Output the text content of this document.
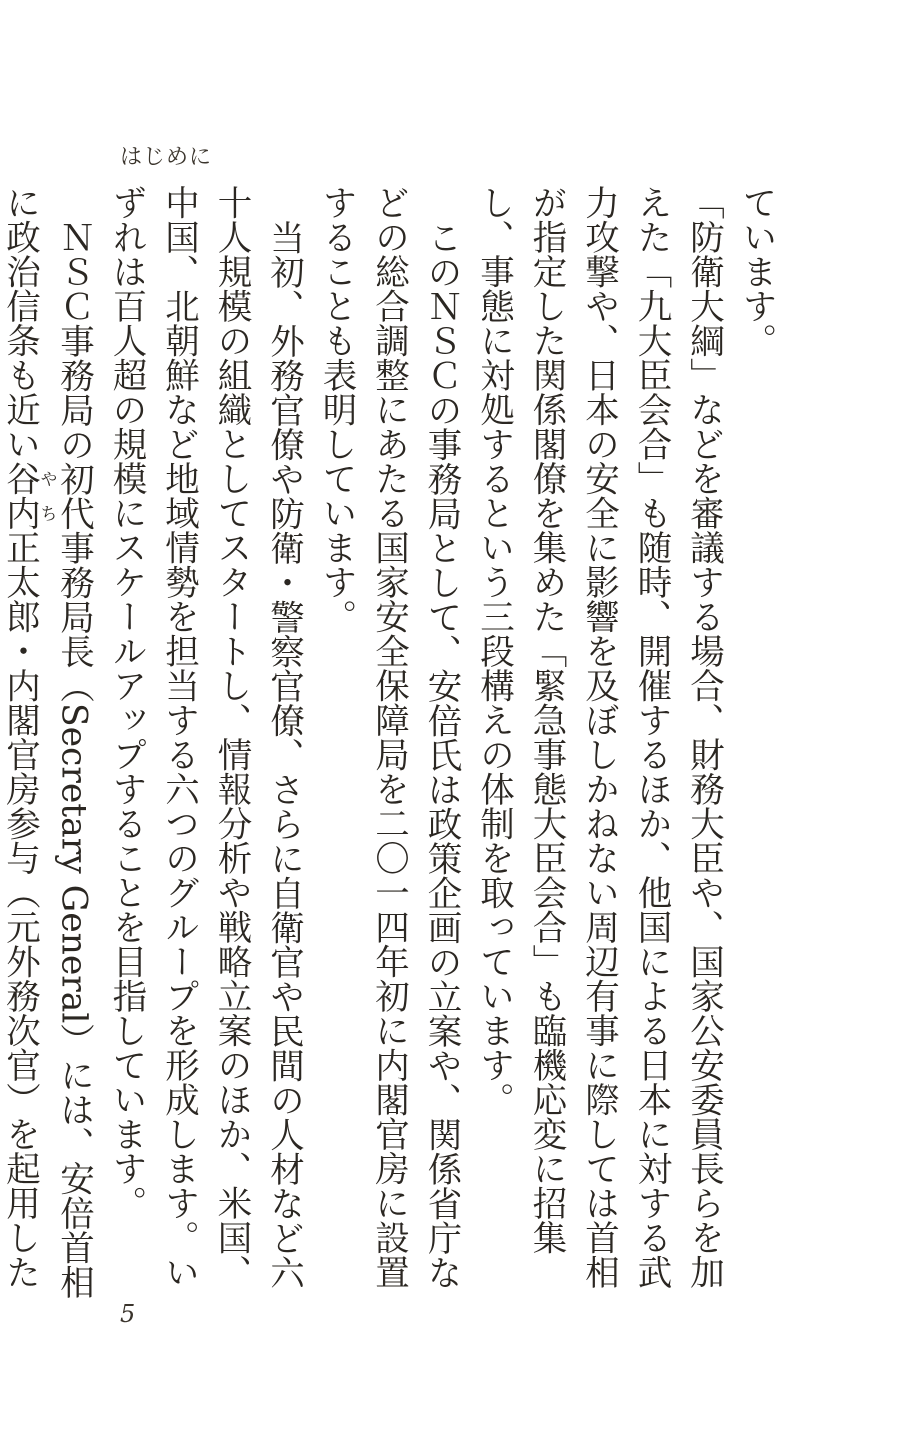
はじめに

ています。

「防衛大綱」などを審議する場合、財務大臣や、国家公安委員長らを加えた「九大臣会合」も随時、開催するほか、他国による日本に対する武力攻撃や、日本の安全に影響を及ぼしかねない周辺有事に際しては首相が指定した関係閣僚を集めた「緊急事態大臣会合」も臨機応変に招集し、事態に対処するという三段構えの体制を取っています。

このＮＳＣの事務局として、安倍氏は政策企画の立案や、関係省庁などの総合調整にあたる国家安全保障局を二〇一四年初に内閣官房に設置することも表明しています。

当初、外務官僚や防衛・警察官僚、さらに自衛官や民間の人材など六十人規模の組織としてスタートし、情報分析や戦略立案のほか、米国、中国、北朝鮮など地域情勢を担当する六つのグループを形成します。いずれは百人超の規模にスケールアップすることを目指しています。

ＮＳＣ事務局の初代事務局長（Secretary General）には、安倍首相に政治信条も近い谷内やち正太郎・内閣官房参与（元外務次官）を起用した

5
